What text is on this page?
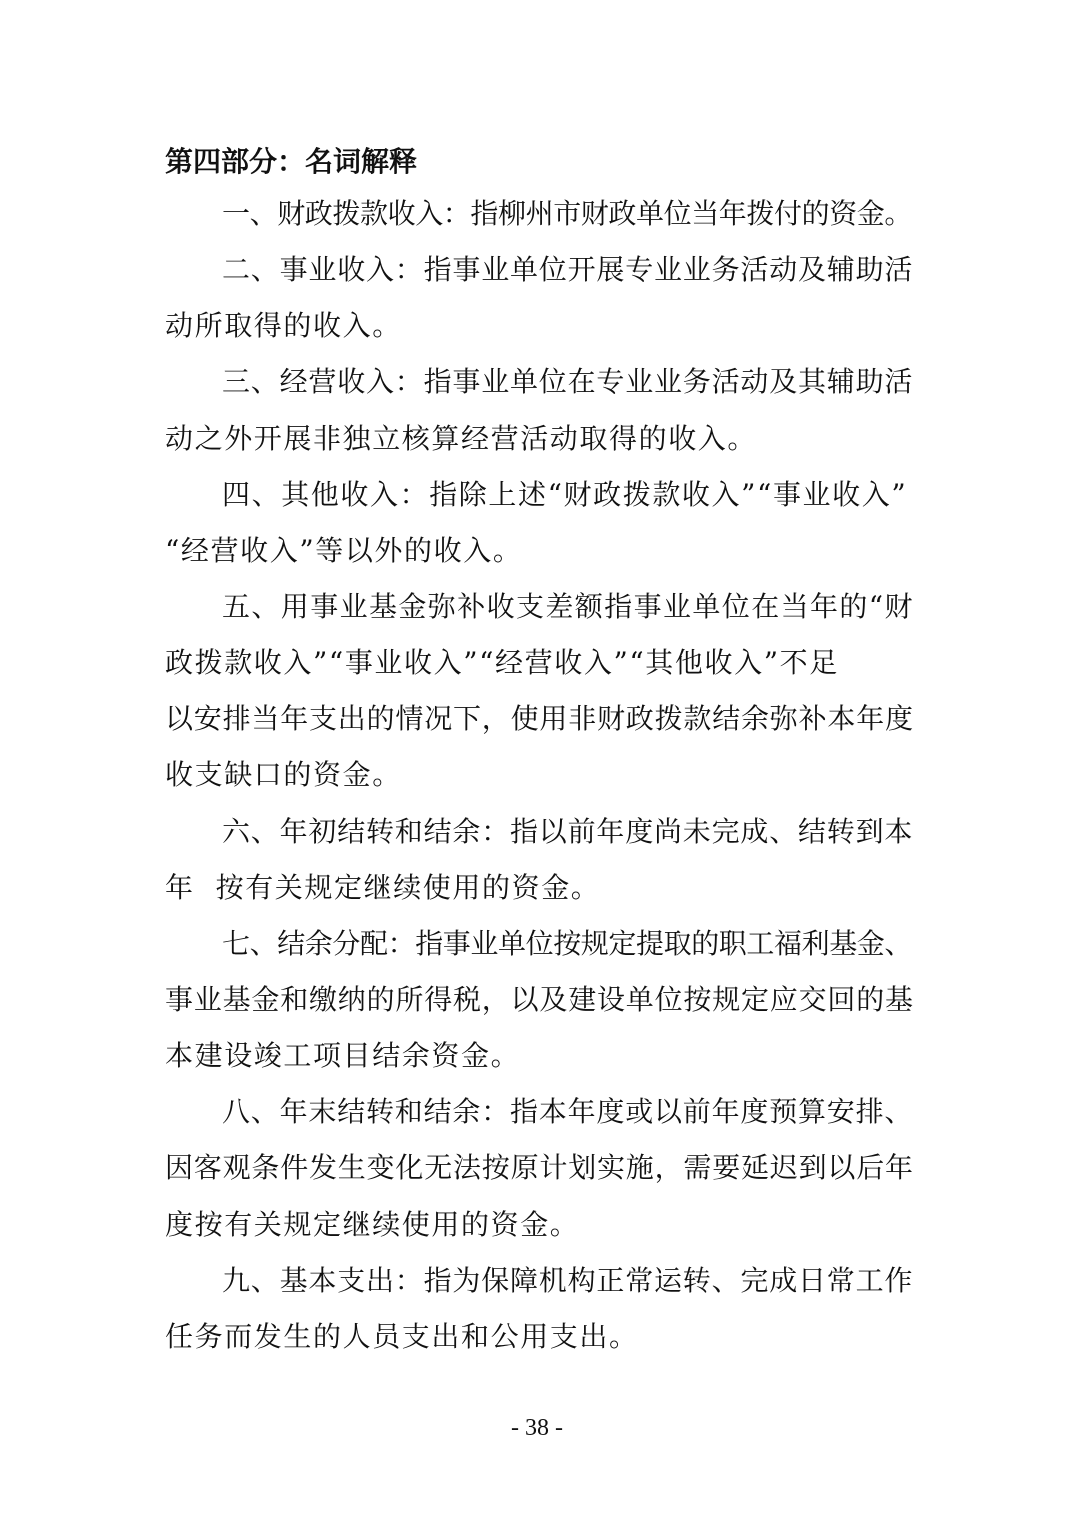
第四部分：名词解释
一、财政拨款收入：指柳州市财政单位当年拨付的资金。
二、事业收入：指事业单位开展专业业务活动及辅助活
动所取得的收入。
三、经营收入：指事业单位在专业业务活动及其辅助活
动之外开展非独立核算经营活动取得的收入。
四、其他收入：指除上述“财政拨款收入”“事业收入”
“经营收入”等以外的收入。
五、用事业基金弥补收支差额指事业单位在当年的“财
政拨款收入”“事业收入”“经营收入”“其他收入”不足
以安排当年支出的情况下，使用非财政拨款结余弥补本年度
收支缺口的资金。
六、年初结转和结余：指以前年度尚未完成、结转到本
年  按有关规定继续使用的资金。
七、结余分配：指事业单位按规定提取的职工福利基金、
事业基金和缴纳的所得税，以及建设单位按规定应交回的基
本建设竣工项目结余资金。
八、年末结转和结余：指本年度或以前年度预算安排、
因客观条件发生变化无法按原计划实施，需要延迟到以后年
度按有关规定继续使用的资金。
九、基本支出：指为保障机构正常运转、完成日常工作
任务而发生的人员支出和公用支出。
- 38 -
